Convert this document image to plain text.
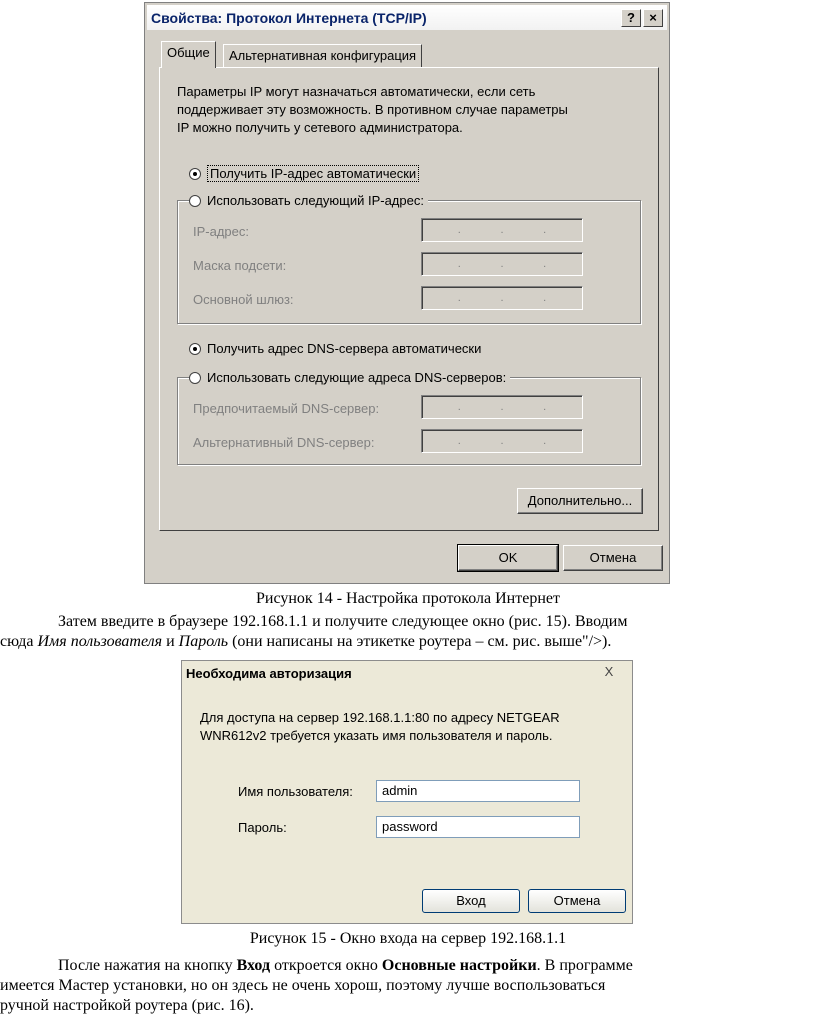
Свойства: Протокол Интернета (TCP/IP)	?	×
Общие	Альтернативная конфигурация
Параметры IP могут назначаться автоматически, если сеть
поддерживает эту возможность. В противном случае параметры
IP можно получить у сетевого администратора.
Получить IP-адрес автоматически
Использовать следующий IP-адрес:
IP-адрес:	.	.	.
Маска подсети:	.	.	.
Основной шлюз:	.	.	.
Получить адрес DNS-сервера автоматически
Использовать следующие адреса DNS-серверов:
Предпочитаемый DNS-сервер:	.	.	.
Альтернативный DNS-сервер:	.	.	.
Дополнительно...
OK	Отмена
Рисунок 14 - Настройка протокола Интернет
Затем введите в браузере 192.168.1.1 и получите следующее окно (рис. 15). Вводим
сюда Имя пользователя и Пароль (они написаны на этикетке роутера – см. рис. выше"/>).
Необходима авторизация	X
Для доступа на сервер 192.168.1.1:80 по адресу NETGEAR
WNR612v2 требуется указать имя пользователя и пароль.
Имя пользователя:	admin
Пароль:	password
Вход	Отмена
Рисунок 15 - Окно входа на сервер 192.168.1.1
После нажатия на кнопку Вход откроется окно Основные настройки. В программе
имеется Мастер установки, но он здесь не очень хорош, поэтому лучше воспользоваться
ручной настройкой роутера (рис. 16).
